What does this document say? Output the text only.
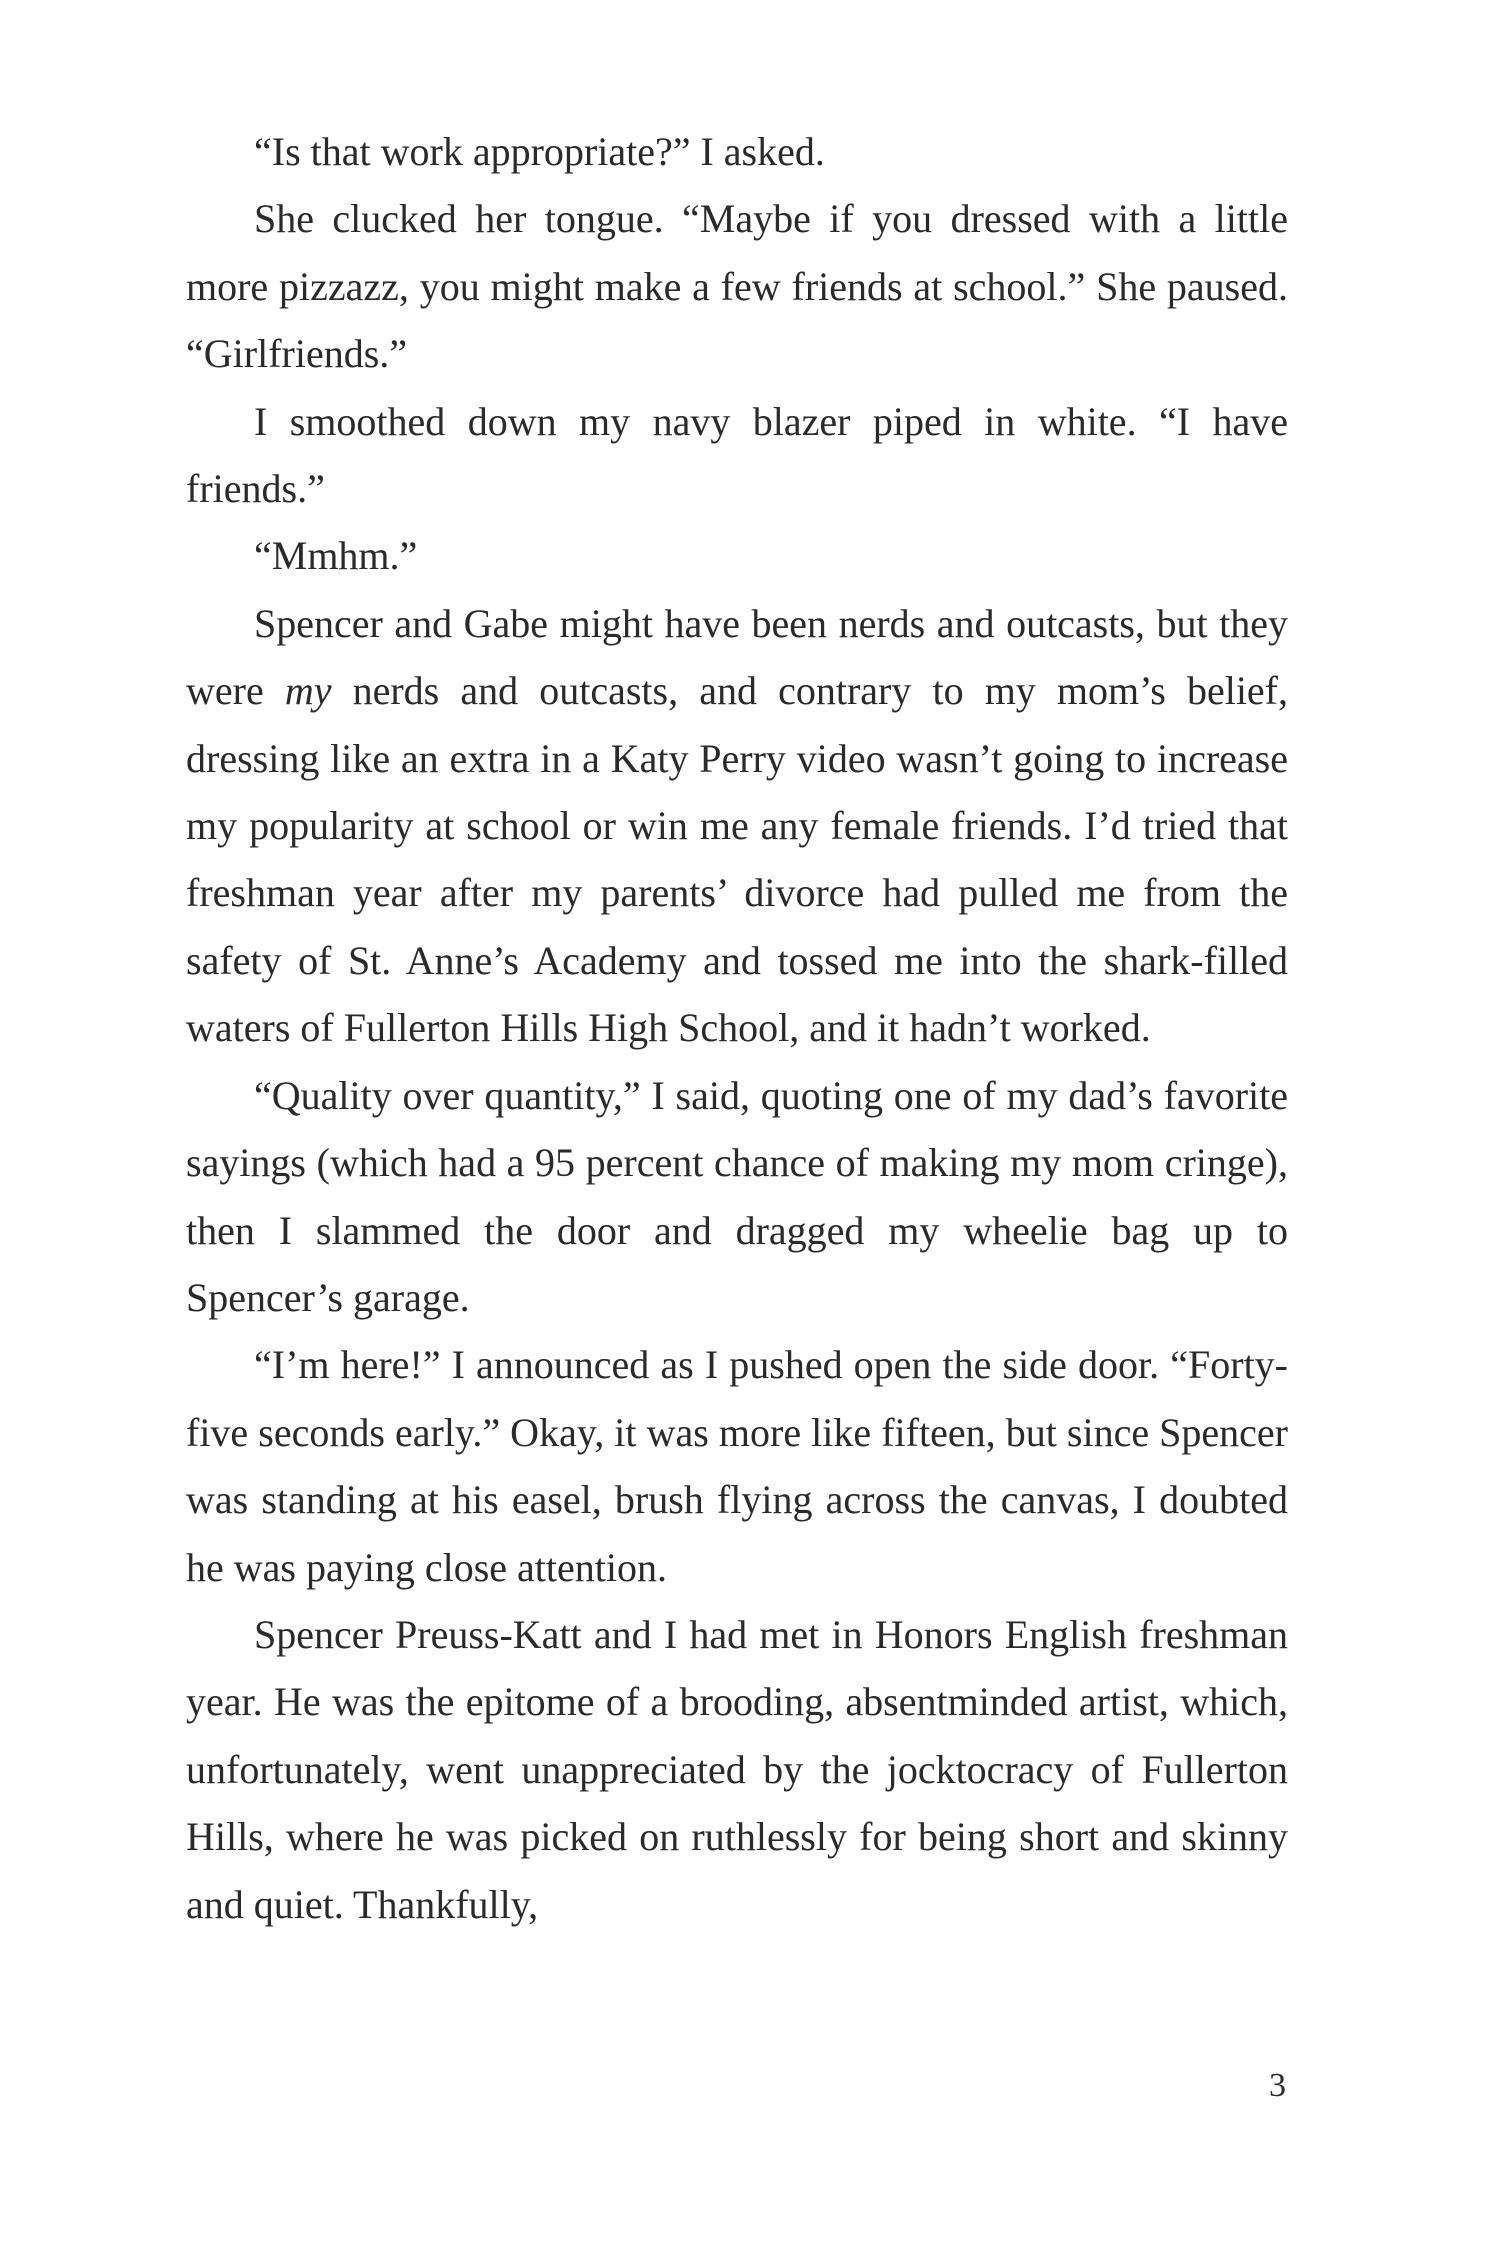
“Is that work appropriate?” I asked.

She clucked her tongue. “Maybe if you dressed with a little more pizzazz, you might make a few friends at school.” She paused. “Girlfriends.”

I smoothed down my navy blazer piped in white. “I have friends.”

“Mmhm.”

Spencer and Gabe might have been nerds and outcasts, but they were my nerds and outcasts, and contrary to my mom’s belief, dressing like an extra in a Katy Perry video wasn’t going to increase my popularity at school or win me any female friends. I’d tried that freshman year after my parents’ divorce had pulled me from the safety of St. Anne’s Academy and tossed me into the shark-filled waters of Fullerton Hills High School, and it hadn’t worked.

“Quality over quantity,” I said, quoting one of my dad’s favorite sayings (which had a 95 percent chance of making my mom cringe), then I slammed the door and dragged my wheelie bag up to Spencer’s garage.

“I’m here!” I announced as I pushed open the side door. “Forty-five seconds early.” Okay, it was more like fifteen, but since Spencer was standing at his easel, brush flying across the canvas, I doubted he was paying close attention.

Spencer Preuss-Katt and I had met in Honors English freshman year. He was the epitome of a brooding, absentminded artist, which, unfortunately, went unappreciated by the jocktocracy of Fullerton Hills, where he was picked on ruthlessly for being short and skinny and quiet. Thankfully,

3
